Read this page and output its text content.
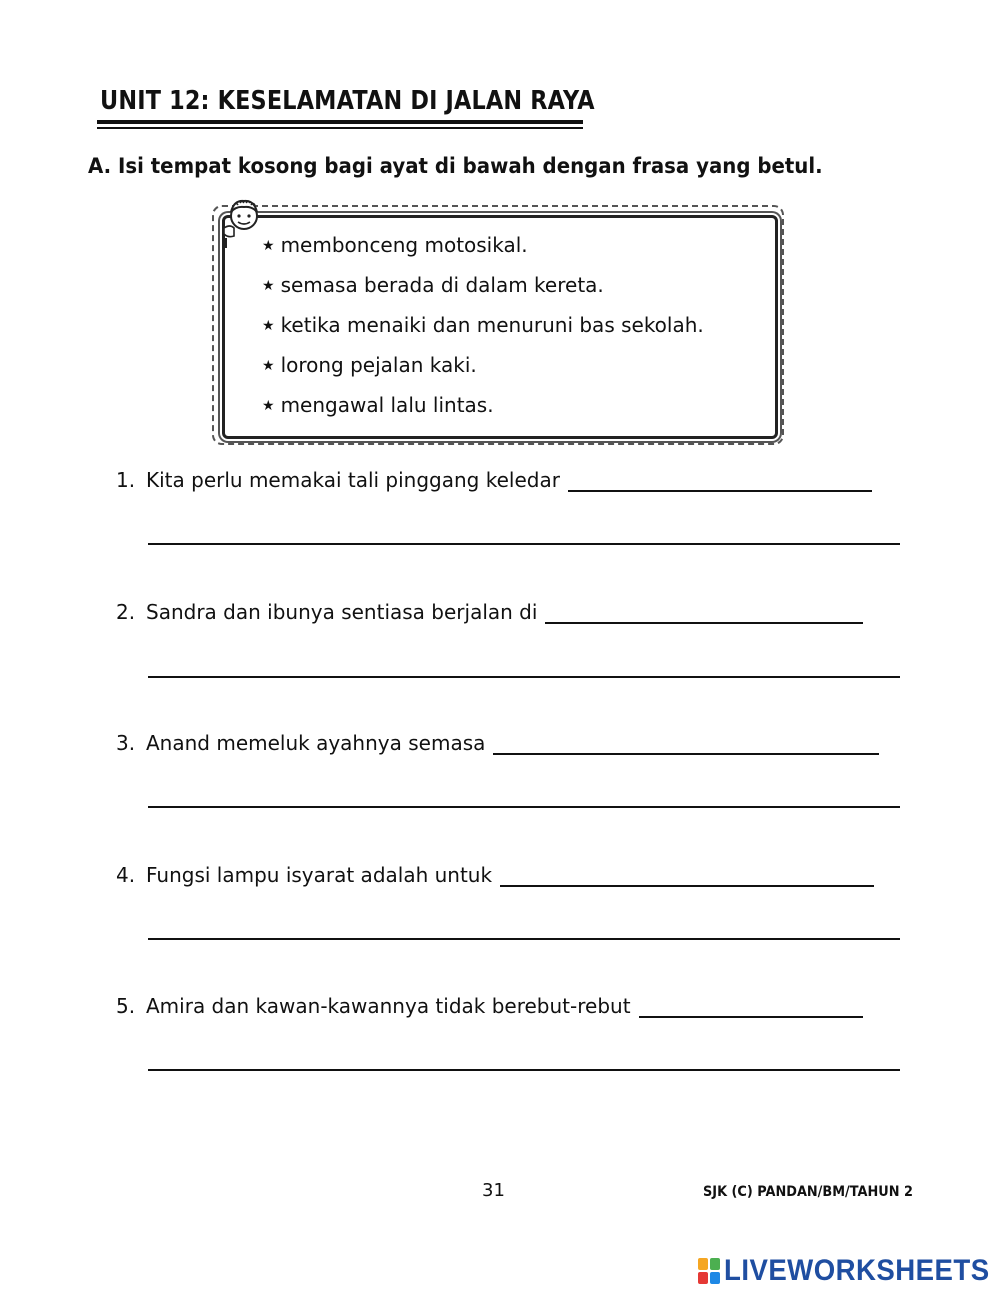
UNIT 12: KESELAMATAN DI JALAN RAYA
A. Isi tempat kosong bagi ayat di bawah dengan frasa yang betul.
★ membonceng motosikal.
★ semasa berada di dalam kereta.
★ ketika menaiki dan menuruni bas sekolah.
★ lorong pejalan kaki.
★ mengawal lalu lintas.
1. Kita perlu memakai tali pinggang keledar
2. Sandra dan ibunya sentiasa berjalan di
3. Anand memeluk ayahnya semasa
4. Fungsi lampu isyarat adalah untuk
5. Amira dan kawan-kawannya tidak berebut-rebut
31	SJK (C) PANDAN/BM/TAHUN 2
LIVEWORKSHEETS
